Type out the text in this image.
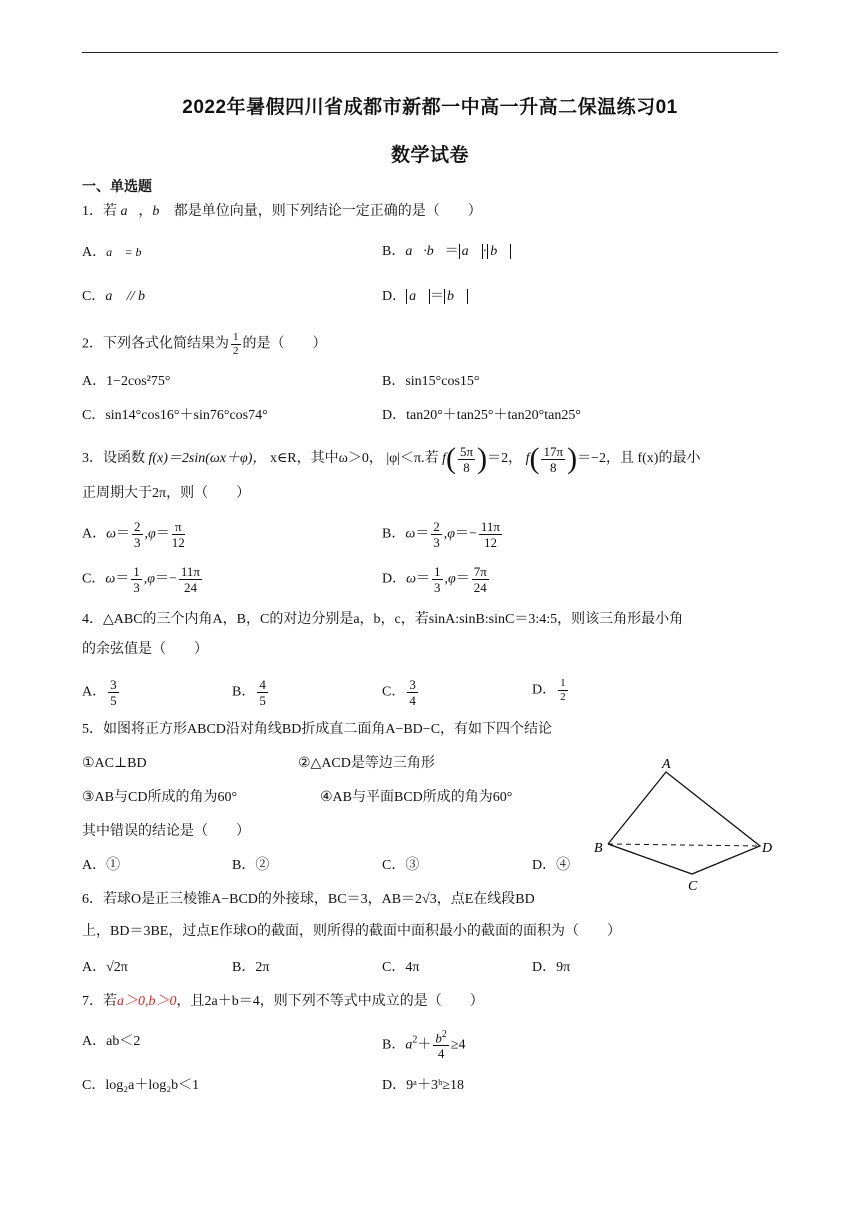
2022年暑假四川省成都市新都一中高一升高二保温练习01
数学试卷
一、单选题
1．若 a⃗，b⃗ 都是单位向量，则下列结论一定正确的是（　　）
A．a⃗ = b⃗	B．a⃗·b⃗＝ a⃗ · b⃗
C．a⃗ // b⃗	D． a⃗ ＝ b⃗
2．下列各式化简结果为 $\frac{1}{2}$ 的是（　　）
A．1−2cos²75°	B．sin15°cos15°
C．sin14°cos16°＋sin76°cos74°	D．tan20°＋tan25°＋tan20°tan25°
3．设函数 f(x)＝2sin(ωx＋φ)， x∈R，其中ω＞0， |φ|＜π.若 $f( \frac{5\pi}{8} )=2$， $f( \frac{17\pi}{8} )=-2$，且 f(x)的最小
正周期大于2π，则（　　）
A．$\omega= \frac{2}{3} ,\varphi= \frac{\pi}{12}$	B．$\omega= \frac{2}{3} ,\varphi=- \frac{11\pi}{12}$
C．$\omega= \frac{1}{3} ,\varphi=- \frac{11\pi}{24}$	D．$\omega= \frac{1}{3} ,\varphi= \frac{7\pi}{24}$
4．△ABC的三个内角A，B，C的对边分别是a，b，c，若sinA:sinB:sinC＝3:4:5，则该三角形最小角
的余弦值是（　　）
A． $\frac{3}{5}$	B． $\frac{4}{5}$	C． $\frac{3}{4}$	D． $\frac{1}{2}$
5．如图将正方形ABCD沿对角线BD折成直二面角A−BD−C，有如下四个结论
①AC⊥BD	②△ACD是等边三角形
③AB与CD所成的角为60°	④AB与平面BCD所成的角为60°
其中错误的结论是（　　）
A．①	B．②	C．③	D．④
A
B
C
D
6．若球O是正三棱锥A−BCD的外接球，BC＝3，AB＝2√3，点E在线段BD
上，BD＝3BE，过点E作球O的截面，则所得的截面中面积最小的截面的面积为（　　）
A．√2π	B．2π	C．4π	D．9π
7．若a＞0,b＞0，且2a＋b＝4，则下列不等式中成立的是（　　）
A．ab＜2	B．$a^2+ \frac{b^2}{4} \ge 4$
C．log₂a＋log₂b＜1	D．9ᵃ＋3ᵇ≥18
